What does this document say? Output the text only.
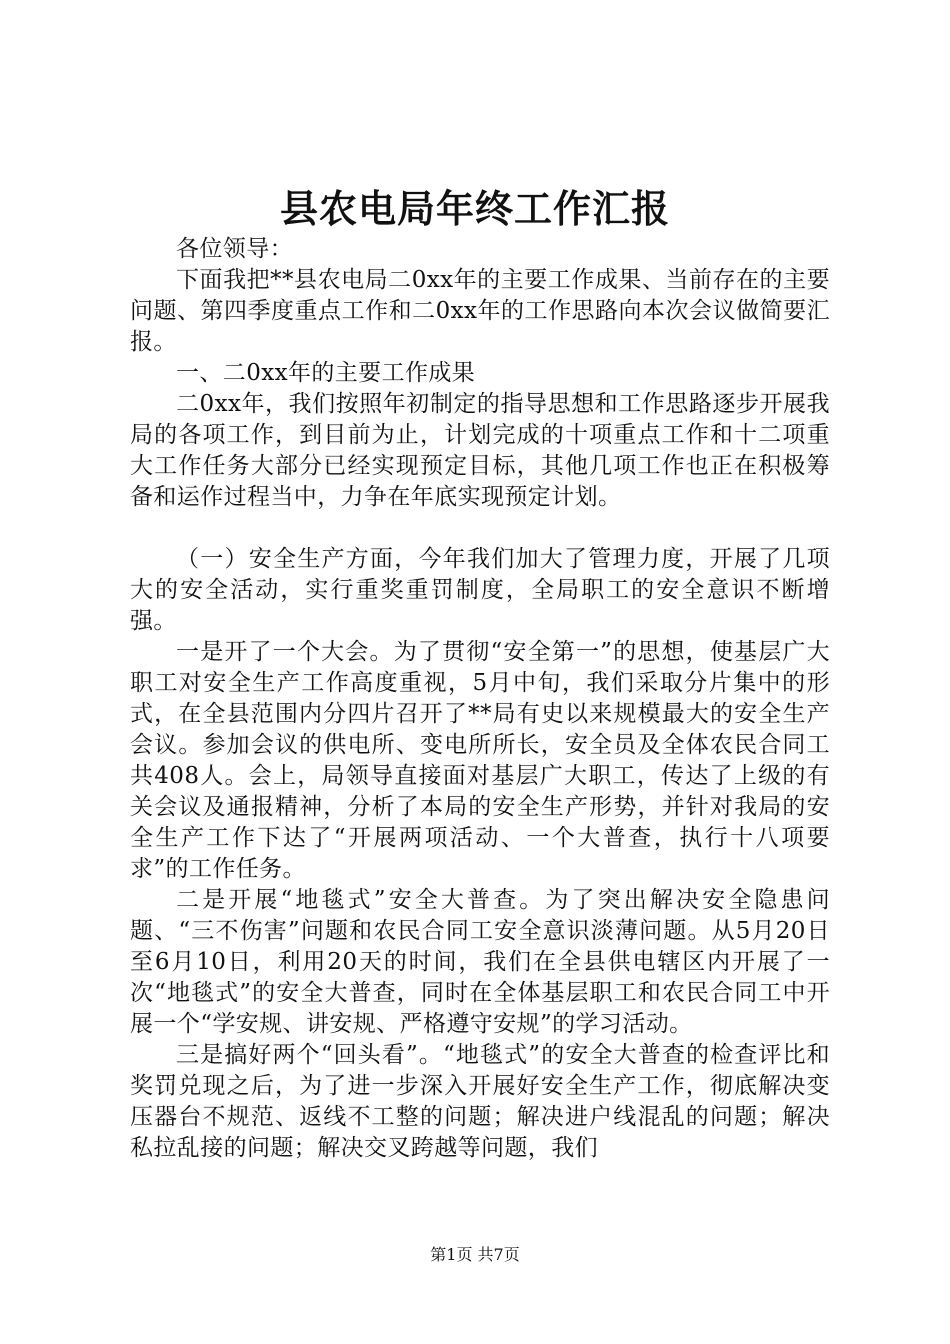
县农电局年终工作汇报

各位领导：

下面我把**县农电局二0xx年的主要工作成果、当前存在的主要问题、第四季度重点工作和二0xx年的工作思路向本次会议做简要汇报。

一、二0xx年的主要工作成果

二0xx年，我们按照年初制定的指导思想和工作思路逐步开展我局的各项工作，到目前为止，计划完成的十项重点工作和十二项重大工作任务大部分已经实现预定目标，其他几项工作也正在积极筹备和运作过程当中，力争在年底实现预定计划。

（一）安全生产方面，今年我们加大了管理力度，开展了几项大的安全活动，实行重奖重罚制度，全局职工的安全意识不断增强。

一是开了一个大会。为了贯彻“安全第一”的思想，使基层广大职工对安全生产工作高度重视，5月中旬，我们采取分片集中的形式，在全县范围内分四片召开了**局有史以来规模最大的安全生产会议。参加会议的供电所、变电所所长，安全员及全体农民合同工共408人。会上，局领导直接面对基层广大职工，传达了上级的有关会议及通报精神，分析了本局的安全生产形势，并针对我局的安全生产工作下达了“开展两项活动、一个大普查，执行十八项要求”的工作任务。

二是开展“地毯式”安全大普查。为了突出解决安全隐患问题、“三不伤害”问题和农民合同工安全意识淡薄问题。从5月20日至6月10日，利用20天的时间，我们在全县供电辖区内开展了一次“地毯式”的安全大普查，同时在全体基层职工和农民合同工中开展一个“学安规、讲安规、严格遵守安规”的学习活动。

三是搞好两个“回头看”。“地毯式”的安全大普查的检查评比和奖罚兑现之后，为了进一步深入开展好安全生产工作，彻底解决变压器台不规范、返线不工整的问题；解决进户线混乱的问题；解决私拉乱接的问题；解决交叉跨越等问题，我们

第1页 共7页
